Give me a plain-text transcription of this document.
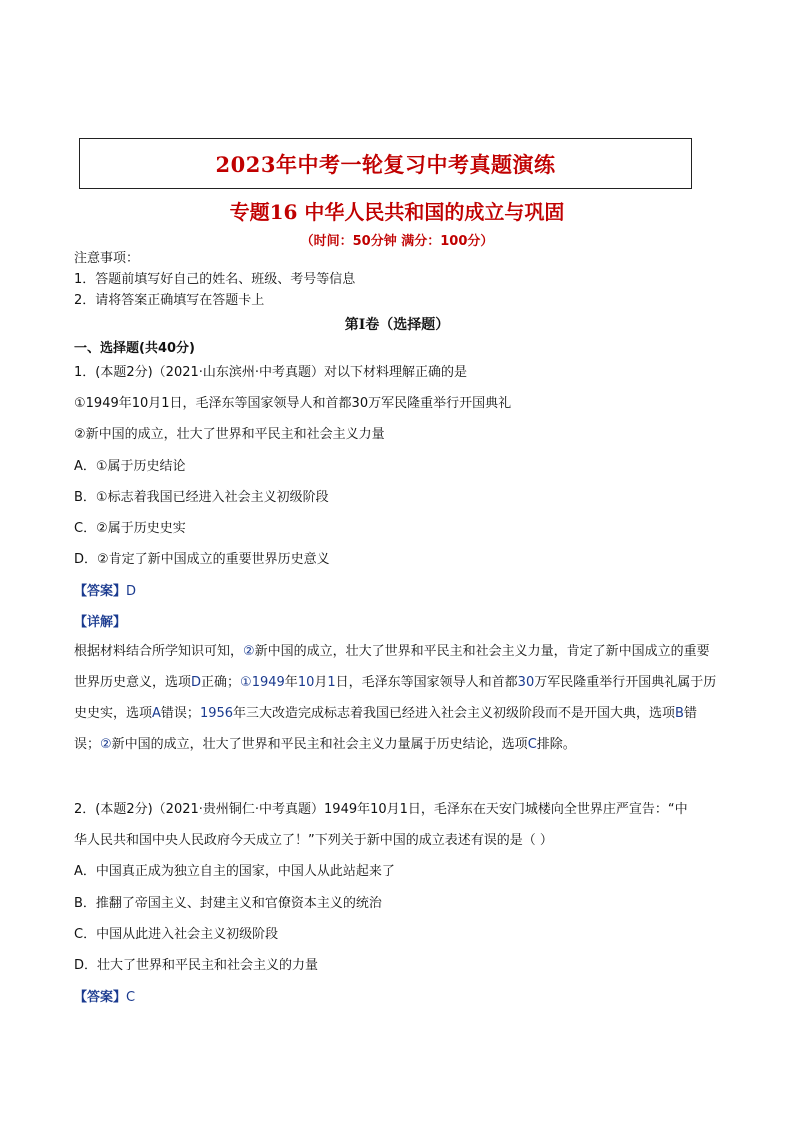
2023年中考一轮复习中考真题演练
专题16 中华人民共和国的成立与巩固
（时间：50分钟 满分：100分）
注意事项：
1．答题前填写好自己的姓名、班级、考号等信息
2．请将答案正确填写在答题卡上
第I卷（选择题）
一、选择题(共40分)
1．(本题2分)（2021·山东滨州·中考真题）对以下材料理解正确的是
①1949年10月1日，毛泽东等国家领导人和首都30万军民隆重举行开国典礼
②新中国的成立，壮大了世界和平民主和社会主义力量
A．①属于历史结论
B．①标志着我国已经进入社会主义初级阶段
C．②属于历史史实
D．②肯定了新中国成立的重要世界历史意义
【答案】D
【详解】
根据材料结合所学知识可知，②新中国的成立，壮大了世界和平民主和社会主义力量，肯定了新中国成立的重要世界历史意义，选项D正确；①1949年10月1日，毛泽东等国家领导人和首都30万军民隆重举行开国典礼属于历史史实，选项A错误；1956年三大改造完成标志着我国已经进入社会主义初级阶段而不是开国大典，选项B错误；②新中国的成立，壮大了世界和平民主和社会主义力量属于历史结论，选项C排除。
2．(本题2分)（2021·贵州铜仁·中考真题）1949年10月1日，毛泽东在天安门城楼向全世界庄严宣告：“中
华人民共和国中央人民政府今天成立了！”下列关于新中国的成立表述有误的是（ ）
A．中国真正成为独立自主的国家，中国人从此站起来了
B．推翻了帝国主义、封建主义和官僚资本主义的统治
C．中国从此进入社会主义初级阶段
D．壮大了世界和平民主和社会主义的力量
【答案】C
